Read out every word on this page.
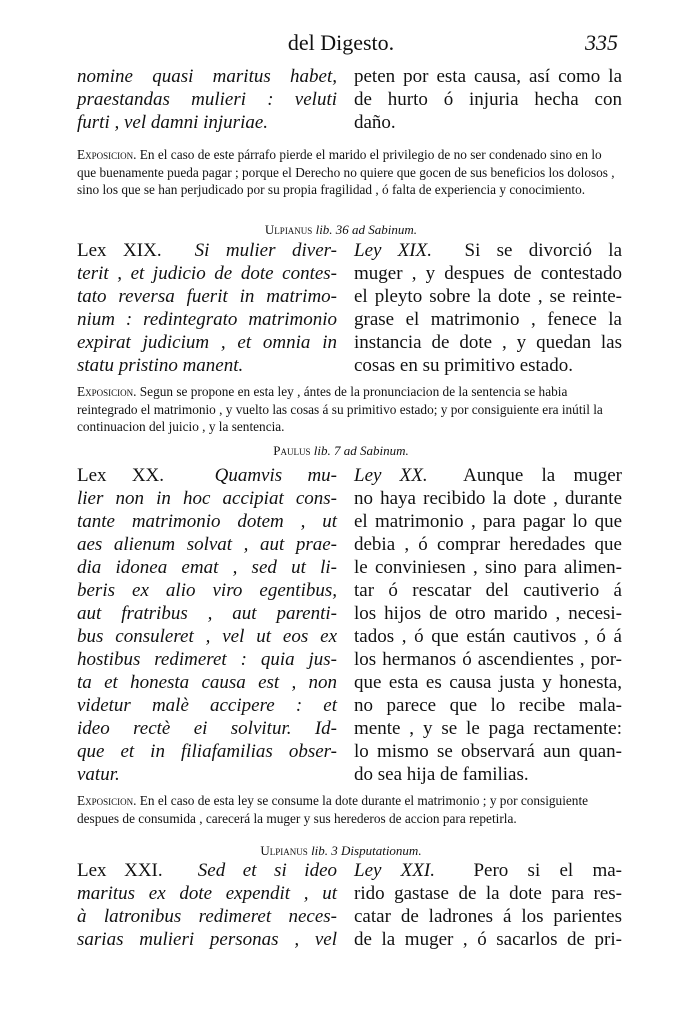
del Digesto.	335
nomine quasi maritus habet,
praestandas mulieri : veluti
furti , vel damni injuriae.
peten por esta causa, así como la
de hurto ó injuria hecha con
daño.
Exposicion. En el caso de este párrafo pierde el marido el privilegio de no ser condenado sino en lo que buenamente pueda pagar ; porque el Derecho no quiere que gocen de sus beneficios los dolosos , sino los que se han perjudicado por su propia fragilidad , ó falta de experiencia y conocimiento.
Ulpianus lib. 36 ad Sabinum.
Lex XIX. Si mulier diver-
terit , et judicio de dote contes-
tato reversa fuerit in matrimo-
nium : redintegrato matrimonio
expirat judicium , et omnia in
statu pristino manent.
Ley XIX. Si se divorció la
muger , y despues de contestado
el pleyto sobre la dote , se reinte-
grase el matrimonio , fenece la
instancia de dote , y quedan las
cosas en su primitivo estado.
Exposicion. Segun se propone en esta ley , ántes de la pronunciacion de la sentencia se habia reintegrado el matrimonio , y vuelto las cosas á su primitivo estado; y por consiguiente era inútil la continuacion del juicio , y la sentencia.
Paulus lib. 7 ad Sabinum.
Lex XX.	Quamvis mu-
lier non in hoc accipiat cons-
tante matrimonio dotem , ut
aes alienum solvat , aut prae-
dia idonea emat , sed ut li-
beris ex alio viro egentibus,
aut fratribus , aut parenti-
bus consuleret , vel ut eos ex
hostibus redimeret : quia jus-
ta et honesta causa est , non
videtur malè accipere : et
ideo rectè ei solvitur. Id-
que et in filiafamilias obser-
vatur.
Ley XX. Aunque la muger
no haya recibido la dote , durante
el matrimonio , para pagar lo que
debia , ó comprar heredades que
le conviniesen , sino para alimen-
tar ó rescatar del cautiverio á
los hijos de otro marido , necesi-
tados , ó que están cautivos , ó á
los hermanos ó ascendientes , por-
que esta es causa justa y honesta,
no parece que lo recibe mala-
mente , y se le paga rectamente:
lo mismo se observará aun quan-
do sea hija de familias.
Exposicion. En el caso de esta ley se consume la dote durante el matrimonio ; y por consiguiente despues de consumida , carecerá la muger y sus herederos de accion para repetirla.
Ulpianus lib. 3 Disputationum.
Lex XXI. Sed et si ideo
maritus ex dote expendit , ut
à latronibus redimeret neces-
sarias mulieri personas , vel
Ley XXI. Pero si el ma-
rido gastase de la dote para res-
catar de ladrones á los parientes
de la muger , ó sacarlos de pri-
